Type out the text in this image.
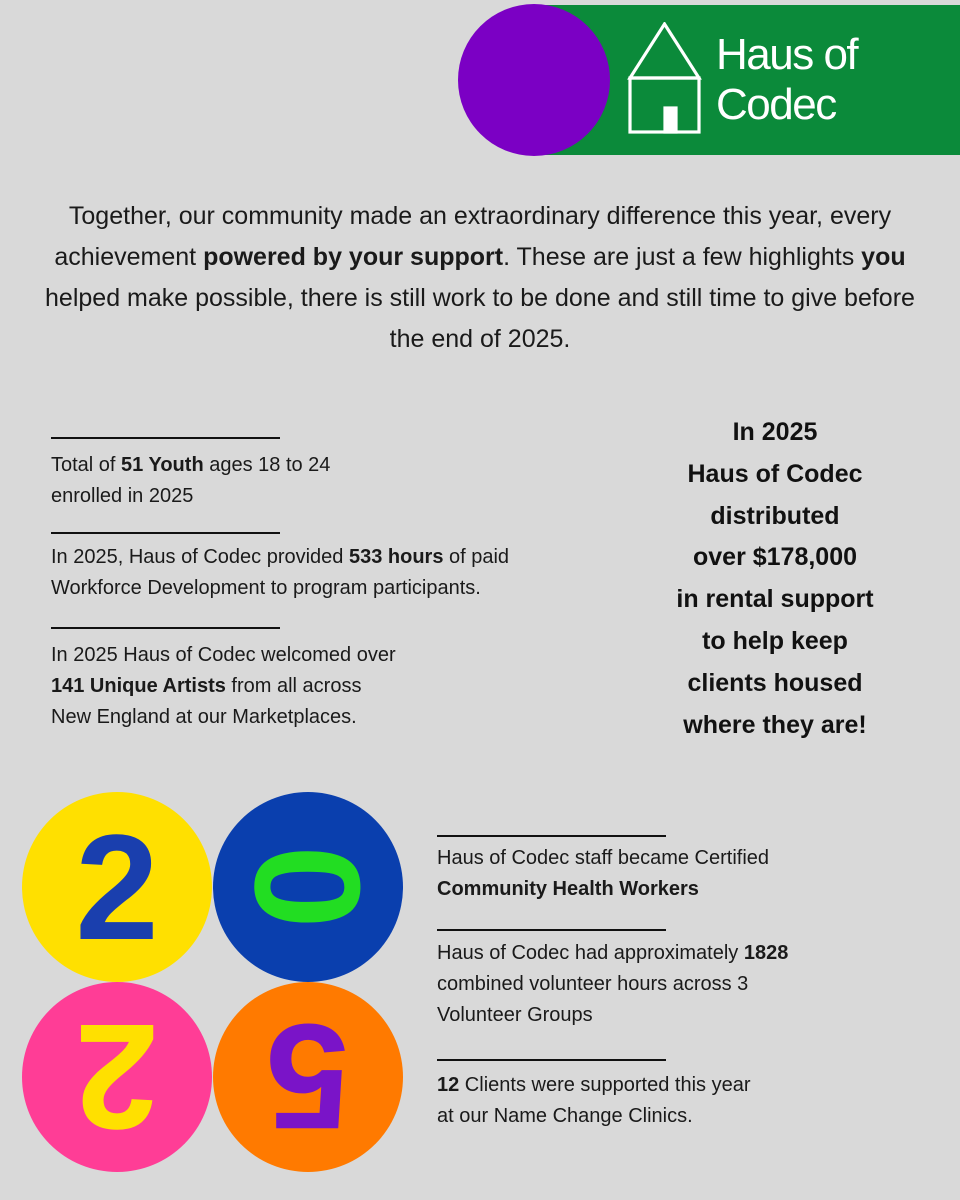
Haus of
Codec

Together, our community made an extraordinary difference this year, every achievement powered by your support. These are just a few highlights you helped make possible, there is still work to be done and still time to give before the end of 2025.

Total of 51 Youth ages 18 to 24
enrolled in 2025
In 2025, Haus of Codec provided 533 hours of paid
Workforce Development to program participants.
In 2025 Haus of Codec welcomed over
141 Unique Artists from all across
New England at our Marketplaces.
In 2025
Haus of Codec
distributed
over $178,000
in rental support
to help keep
clients housed
where they are!
2 0
2 5
Haus of Codec staff became Certified
Community Health Workers
Haus of Codec had approximately 1828
combined volunteer hours across 3
Volunteer Groups
12 Clients were supported this year
at our Name Change Clinics.
